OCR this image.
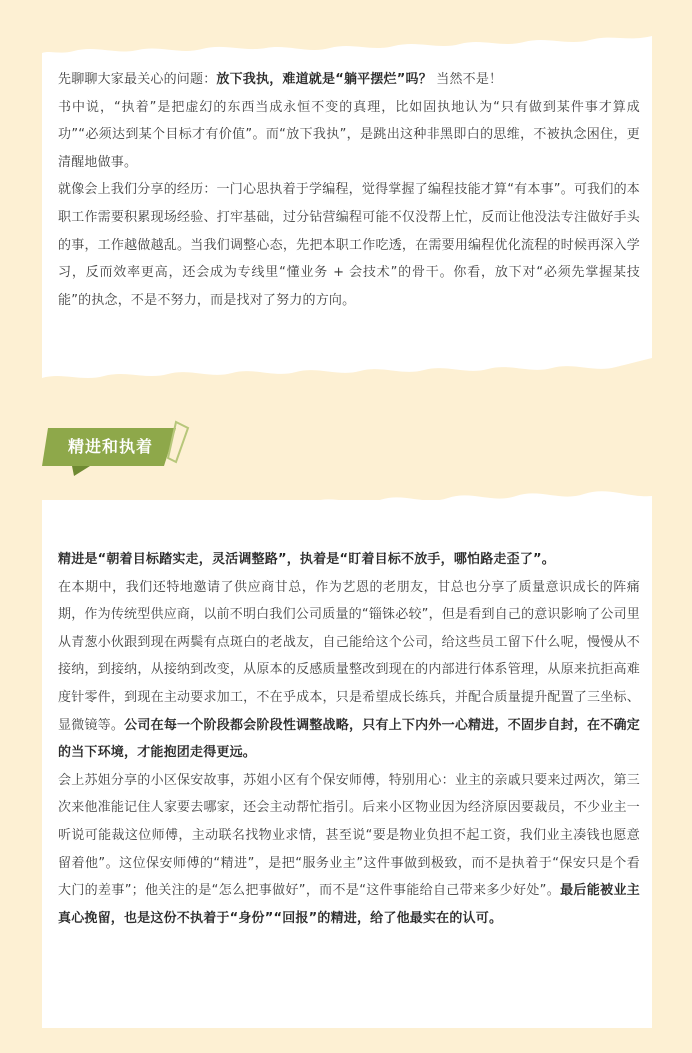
先聊聊大家最关心的问题：放下我执，难道就是“躺平摆烂”吗？ 当然不是！

书中说，“执着”是把虚幻的东西当成永恒不变的真理，比如固执地认为“只有做到某件事才算成功”“必须达到某个目标才有价值”。而“放下我执”，是跳出这种非黑即白的思维，不被执念困住，更清醒地做事。

就像会上我们分享的经历：一门心思执着于学编程，觉得掌握了编程技能才算“有本事”。可我们的本职工作需要积累现场经验、打牢基础，过分钻营编程可能不仅没帮上忙，反而让他没法专注做好手头的事，工作越做越乱。当我们调整心态，先把本职工作吃透，在需要用编程优化流程的时候再深入学习，反而效率更高，还会成为专线里“懂业务 + 会技术”的骨干。你看，放下对“必须先掌握某技能”的执念，不是不努力，而是找对了努力的方向。

精进和执着

精进是“朝着目标踏实走，灵活调整路”，执着是“盯着目标不放手，哪怕路走歪了”。

在本期中，我们还特地邀请了供应商甘总，作为艺恩的老朋友，甘总也分享了质量意识成长的阵痛期，作为传统型供应商，以前不明白我们公司质量的“锱铢必较”，但是看到自己的意识影响了公司里从青葱小伙跟到现在两鬓有点斑白的老战友，自己能给这个公司，给这些员工留下什么呢，慢慢从不接纳，到接纳，从接纳到改变，从原本的反感质量整改到现在的内部进行体系管理，从原来抗拒高难度针零件，到现在主动要求加工，不在乎成本，只是希望成长练兵，并配合质量提升配置了三坐标、显微镜等。公司在每一个阶段都会阶段性调整战略，只有上下内外一心精进，不固步自封，在不确定的当下环境，才能抱团走得更远。

会上苏姐分享的小区保安故事，苏姐小区有个保安师傅，特别用心：业主的亲戚只要来过两次，第三次来他准能记住人家要去哪家，还会主动帮忙指引。后来小区物业因为经济原因要裁员，不少业主一听说可能裁这位师傅，主动联名找物业求情，甚至说“要是物业负担不起工资，我们业主凑钱也愿意留着他”。这位保安师傅的“精进”，是把“服务业主”这件事做到极致，而不是执着于“保安只是个看大门的差事”；他关注的是“怎么把事做好”，而不是“这件事能给自己带来多少好处”。最后能被业主真心挽留，也是这份不执着于“身份”“回报”的精进，给了他最实在的认可。
